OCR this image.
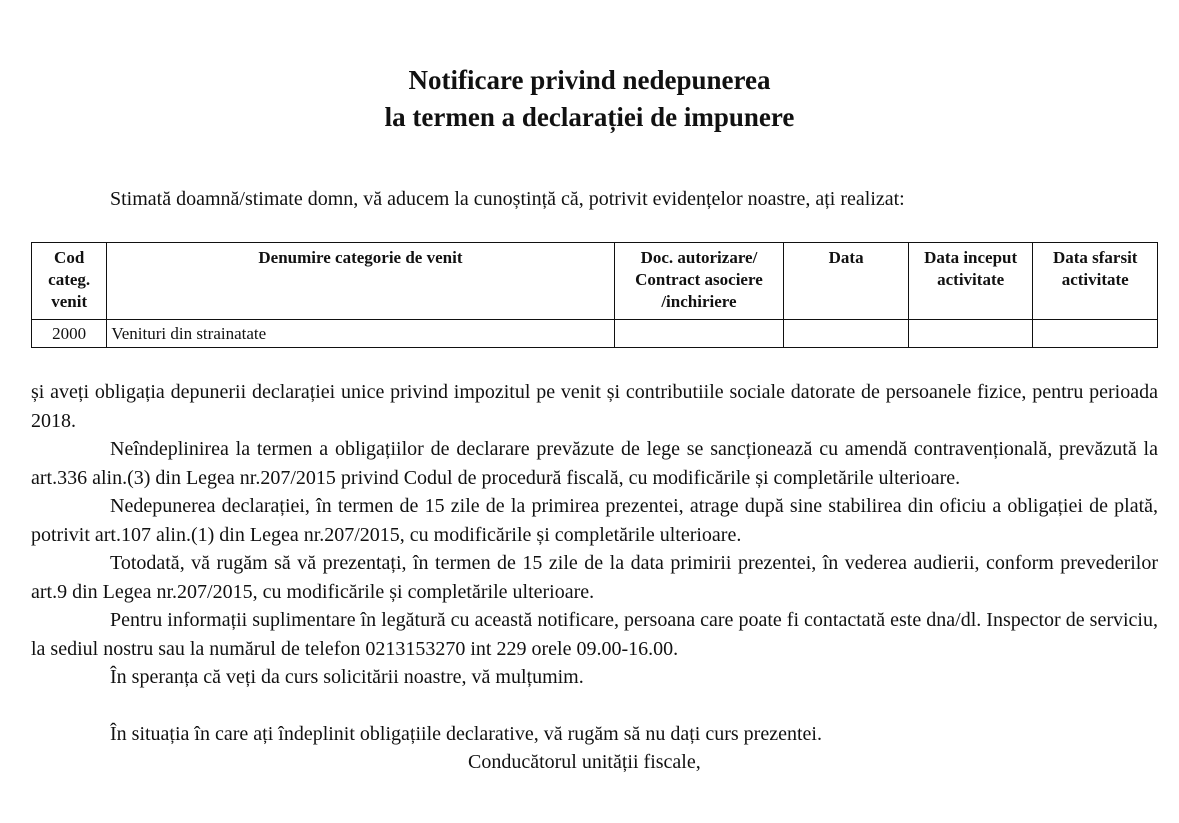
Notificare privind nedepunerea
la termen a declarației de impunere
Stimată doamnă/stimate domn, vă aducem la cunoștință că, potrivit evidențelor noastre, ați realizat:
Cod categ. venit	Denumire categorie de venit	Doc. autorizare/ Contract asociere /inchiriere	Data	Data inceput activitate	Data sfarsit activitate
2000	Venituri din strainatate				

și aveți obligația depunerii declarației unice privind impozitul pe venit și contributiile sociale datorate de persoanele fizice, pentru perioada 2018.

Neîndeplinirea la termen a obligațiilor de declarare prevăzute de lege se sancționează cu amendă contravențională, prevăzută la art.336 alin.(3) din Legea nr.207/2015 privind Codul de procedură fiscală, cu modificările și completările ulterioare.

Nedepunerea declarației, în termen de 15 zile de la primirea prezentei, atrage după sine stabilirea din oficiu a obligației de plată, potrivit art.107 alin.(1) din Legea nr.207/2015, cu modificările și completările ulterioare.

Totodată, vă rugăm să vă prezentați, în termen de 15 zile de la data primirii prezentei, în vederea audierii, conform prevederilor art.9 din Legea nr.207/2015, cu modificările și completările ulterioare.

Pentru informații suplimentare în legătură cu această notificare, persoana care poate fi contactată este dna/dl. Inspector de serviciu, la sediul nostru sau la numărul de telefon 0213153270 int 229 orele 09.00-16.00.

În speranța că veți da curs solicitării noastre, vă mulțumim.

În situația în care ați îndeplinit obligațiile declarative, vă rugăm să nu dați curs prezentei.

Conducătorul unității fiscale,
